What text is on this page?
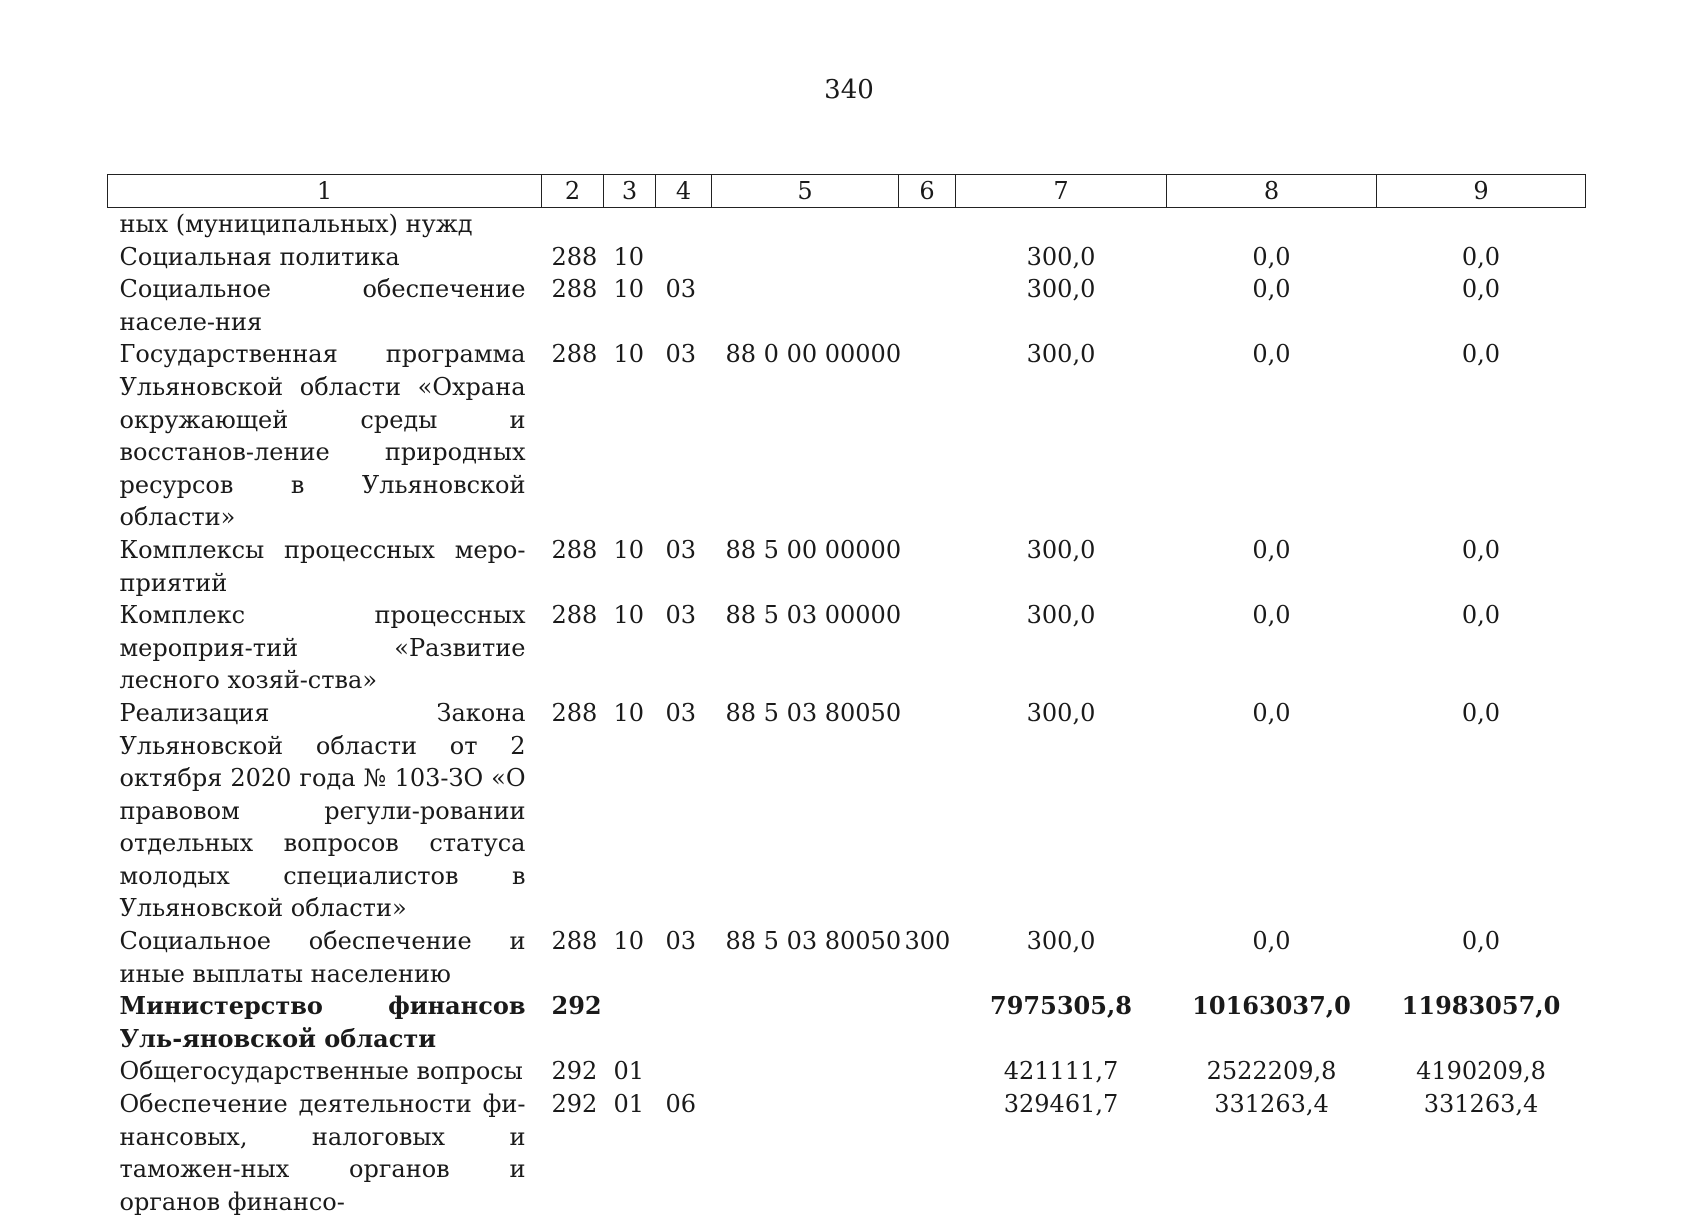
340
1	2	3	4	5	6	7	8	9
ных (муниципальных) нужд								
Социальная политика	288	10				300,0	0,0	0,0
Социальное обеспечение населе-ния	288	10	03			300,0	0,0	0,0
Государственная программа Ульяновской области «Охрана окружающей среды и восстанов-ление природных ресурсов в Ульяновской области»	288	10	03	88 0 00 00000		300,0	0,0	0,0
Комплексы процессных меро-приятий	288	10	03	88 5 00 00000		300,0	0,0	0,0
Комплекс процессных мероприя-тий «Развитие лесного хозяй-ства»	288	10	03	88 5 03 00000		300,0	0,0	0,0
Реализация Закона Ульяновской области от 2 октября 2020 года № 103-ЗО «О правовом регули-ровании отдельных вопросов статуса молодых специалистов в Ульяновской области»	288	10	03	88 5 03 80050		300,0	0,0	0,0
Социальное обеспечение и иные выплаты населению	288	10	03	88 5 03 80050	300	300,0	0,0	0,0
Министерство финансов Уль-яновской области	292					7975305,8	10163037,0	11983057,0
Общегосударственные вопросы	292	01				421111,7	2522209,8	4190209,8
Обеспечение деятельности фи-нансовых, налоговых и таможен-ных органов и органов финансо-	292	01	06			329461,7	331263,4	331263,4
